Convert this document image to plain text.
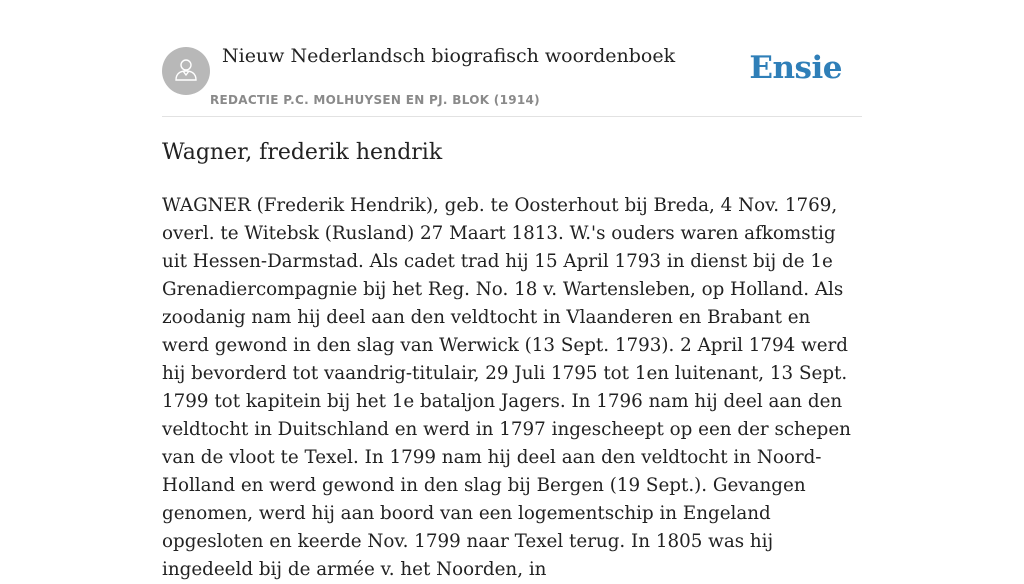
Nieuw Nederlandsch biografisch woordenboek
REDACTIE P.C. MOLHUYSEN EN PJ. BLOK (1914)
Ensie
Wagner, frederik hendrik

WAGNER (Frederik Hendrik), geb. te Oosterhout bij Breda, 4 Nov. 1769, overl. te Witebsk (Rusland) 27 Maart 1813. W.'s ouders waren afkomstig uit Hessen-Darmstad. Als cadet trad hij 15 April 1793 in dienst bij de 1e Grenadiercompagnie bij het Reg. No. 18 v. Wartensleben, op Holland. Als zoodanig nam hij deel aan den veldtocht in Vlaanderen en Brabant en werd gewond in den slag van Werwick (13 Sept. 1793). 2 April 1794 werd hij bevorderd tot vaandrig-titulair, 29 Juli 1795 tot 1en luitenant, 13 Sept. 1799 tot kapitein bij het 1e bataljon Jagers. In 1796 nam hij deel aan den veldtocht in Duitschland en werd in 1797 ingescheept op een der schepen van de vloot te Texel. In 1799 nam hij deel aan den veldtocht in Noord-Holland en werd gewond in den slag bij Bergen (19 Sept.). Gevangen genomen, werd hij aan boord van een logementschip in Engeland opgesloten en keerde Nov. 1799 naar Texel terug. In 1805 was hij ingedeeld bij de armée v. het Noorden, in
